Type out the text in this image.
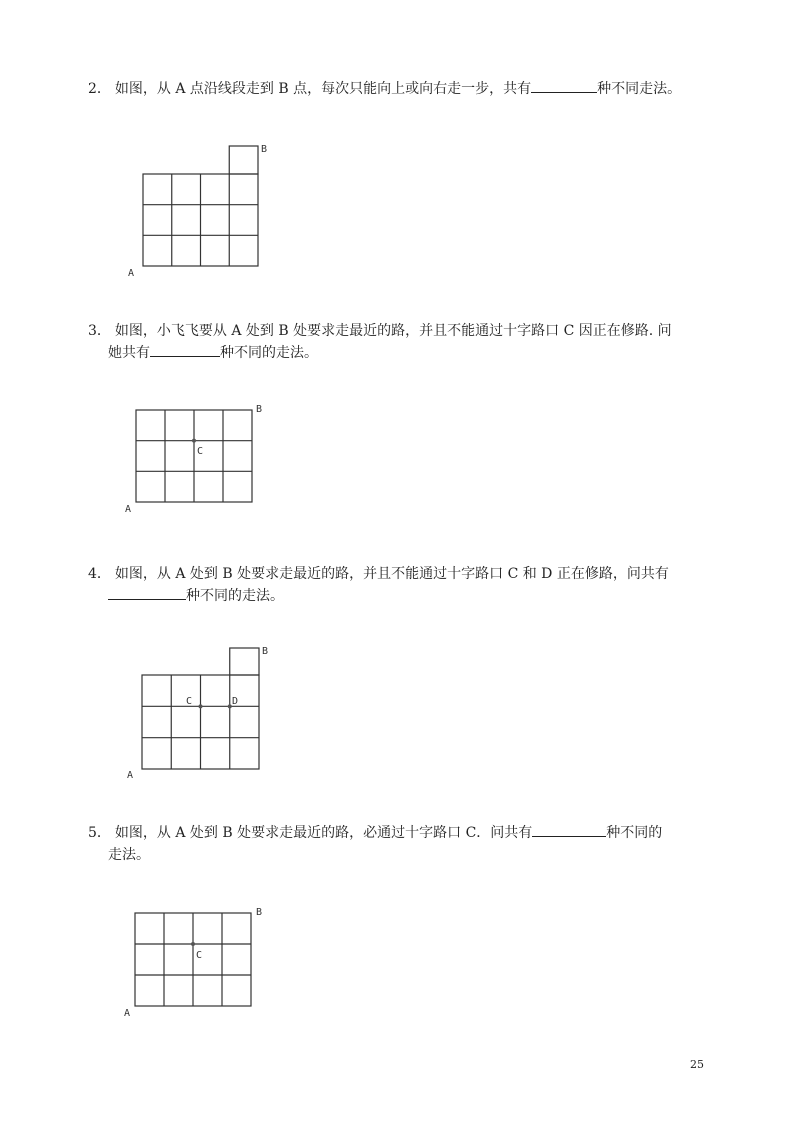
2． 如图，从 A 点沿线段走到 B 点，每次只能向上或向右走一步，共有	种不同走法。

A
B

3． 如图，小飞飞要从 A 处到 B 处要求走最近的路，并且不能通过十字路口 C 因正在修路. 问
她共有	种不同的走法。

C
A
B

4． 如图，从 A 处到 B 处要求走最近的路，并且不能通过十字路口 C 和 D 正在修路，问共有
种不同的走法。

C	D
A
B

5． 如图，从 A 处到 B 处要求走最近的路，必通过十字路口 C．问共有	种不同的
走法。

C
A
B
25
